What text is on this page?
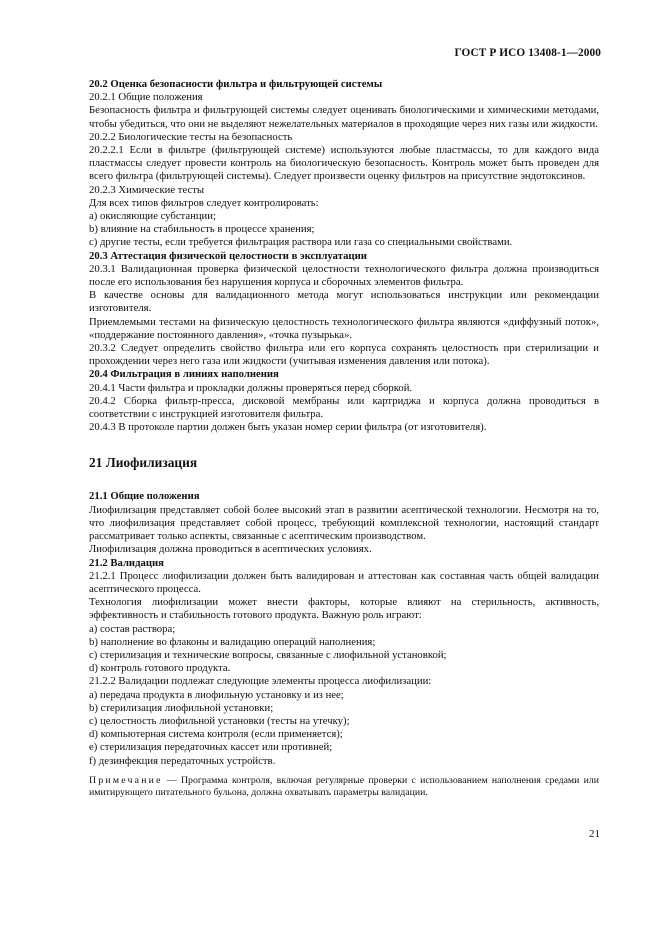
ГОСТ Р ИСО 13408-1—2000

20.2 Оценка безопасности фильтра и фильтрующей системы

20.2.1 Общие положения

Безопасность фильтра и фильтрующей системы следует оценивать биологическими и химическими методами, чтобы убедиться, что они не выделяют нежелательных материалов в проходящие через них газы или жидкости.

20.2.2 Биологические тесты на безопасность

20.2.2.1 Если в фильтре (фильтрующей системе) используются любые пластмассы, то для каждого вида пластмассы следует провести контроль на биологическую безопасность. Контроль может быть проведен для всего фильтра (фильтрующей системы). Следует произвести оценку фильтров на присутствие эндотоксинов.

20.2.3 Химические тесты

Для всех типов фильтров следует контролировать:

a) окисляющие субстанции;

b) влияние на стабильность в процессе хранения;

c) другие тесты, если требуется фильтрация раствора или газа со специальными свойствами.

20.3 Аттестация физической целостности в эксплуатации

20.3.1 Валидационная проверка физической целостности технологического фильтра должна производиться после его использования без нарушения корпуса и сборочных элементов фильтра.

В качестве основы для валидационного метода могут использоваться инструкции или рекомендации изготовителя.

Приемлемыми тестами на физическую целостность технологического фильтра являются «диффузный поток», «поддержание постоянного давления», «точка пузырька».

20.3.2 Следует определить свойство фильтра или его корпуса сохранять целостность при стерилизации и прохождении через него газа или жидкости (учитывая изменения давления или потока).

20.4 Фильтрация в линиях наполнения

20.4.1 Части фильтра и прокладки должны проверяться перед сборкой.

20.4.2 Сборка фильтр-пресса, дисковой мембраны или картриджа и корпуса должна проводиться в соответствии с инструкцией изготовителя фильтра.

20.4.3 В протоколе партии должен быть указан номер серии фильтра (от изготовителя).

21 Лиофилизация

21.1 Общие положения

Лиофилизация представляет собой более высокий этап в развитии асептической технологии. Несмотря на то, что лиофилизация представляет собой процесс, требующий комплексной технологии, настоящий стандарт рассматривает только аспекты, связанные с асептическим производством.

Лиофилизация должна проводиться в асептических условиях.

21.2 Валидация

21.2.1 Процесс лиофилизации должен быть валидирован и аттестован как составная часть общей валидации асептического процесса.

Технология лиофилизации может внести факторы, которые влияют на стерильность, активность, эффективность и стабильность готового продукта. Важную роль играют:

a) состав раствора;

b) наполнение во флаконы и валидацию операций наполнения;

c) стерилизация и технические вопросы, связанные с лиофильной установкой;

d) контроль готового продукта.

21.2.2 Валидации подлежат следующие элементы процесса лиофилизации:

a) передача продукта в лиофильную установку и из нее;

b) стерилизация лиофильной установки;

c) целостность лиофильной установки (тесты на утечку);

d) компьютерная система контроля (если применяется);

e) стерилизация передаточных кассет или противней;

f) дезинфекция передаточных устройств.

Примечание — Программа контроля, включая регулярные проверки с использованием наполнения средами или имитирующего питательного бульона, должна охватывать параметры валидации.

21
